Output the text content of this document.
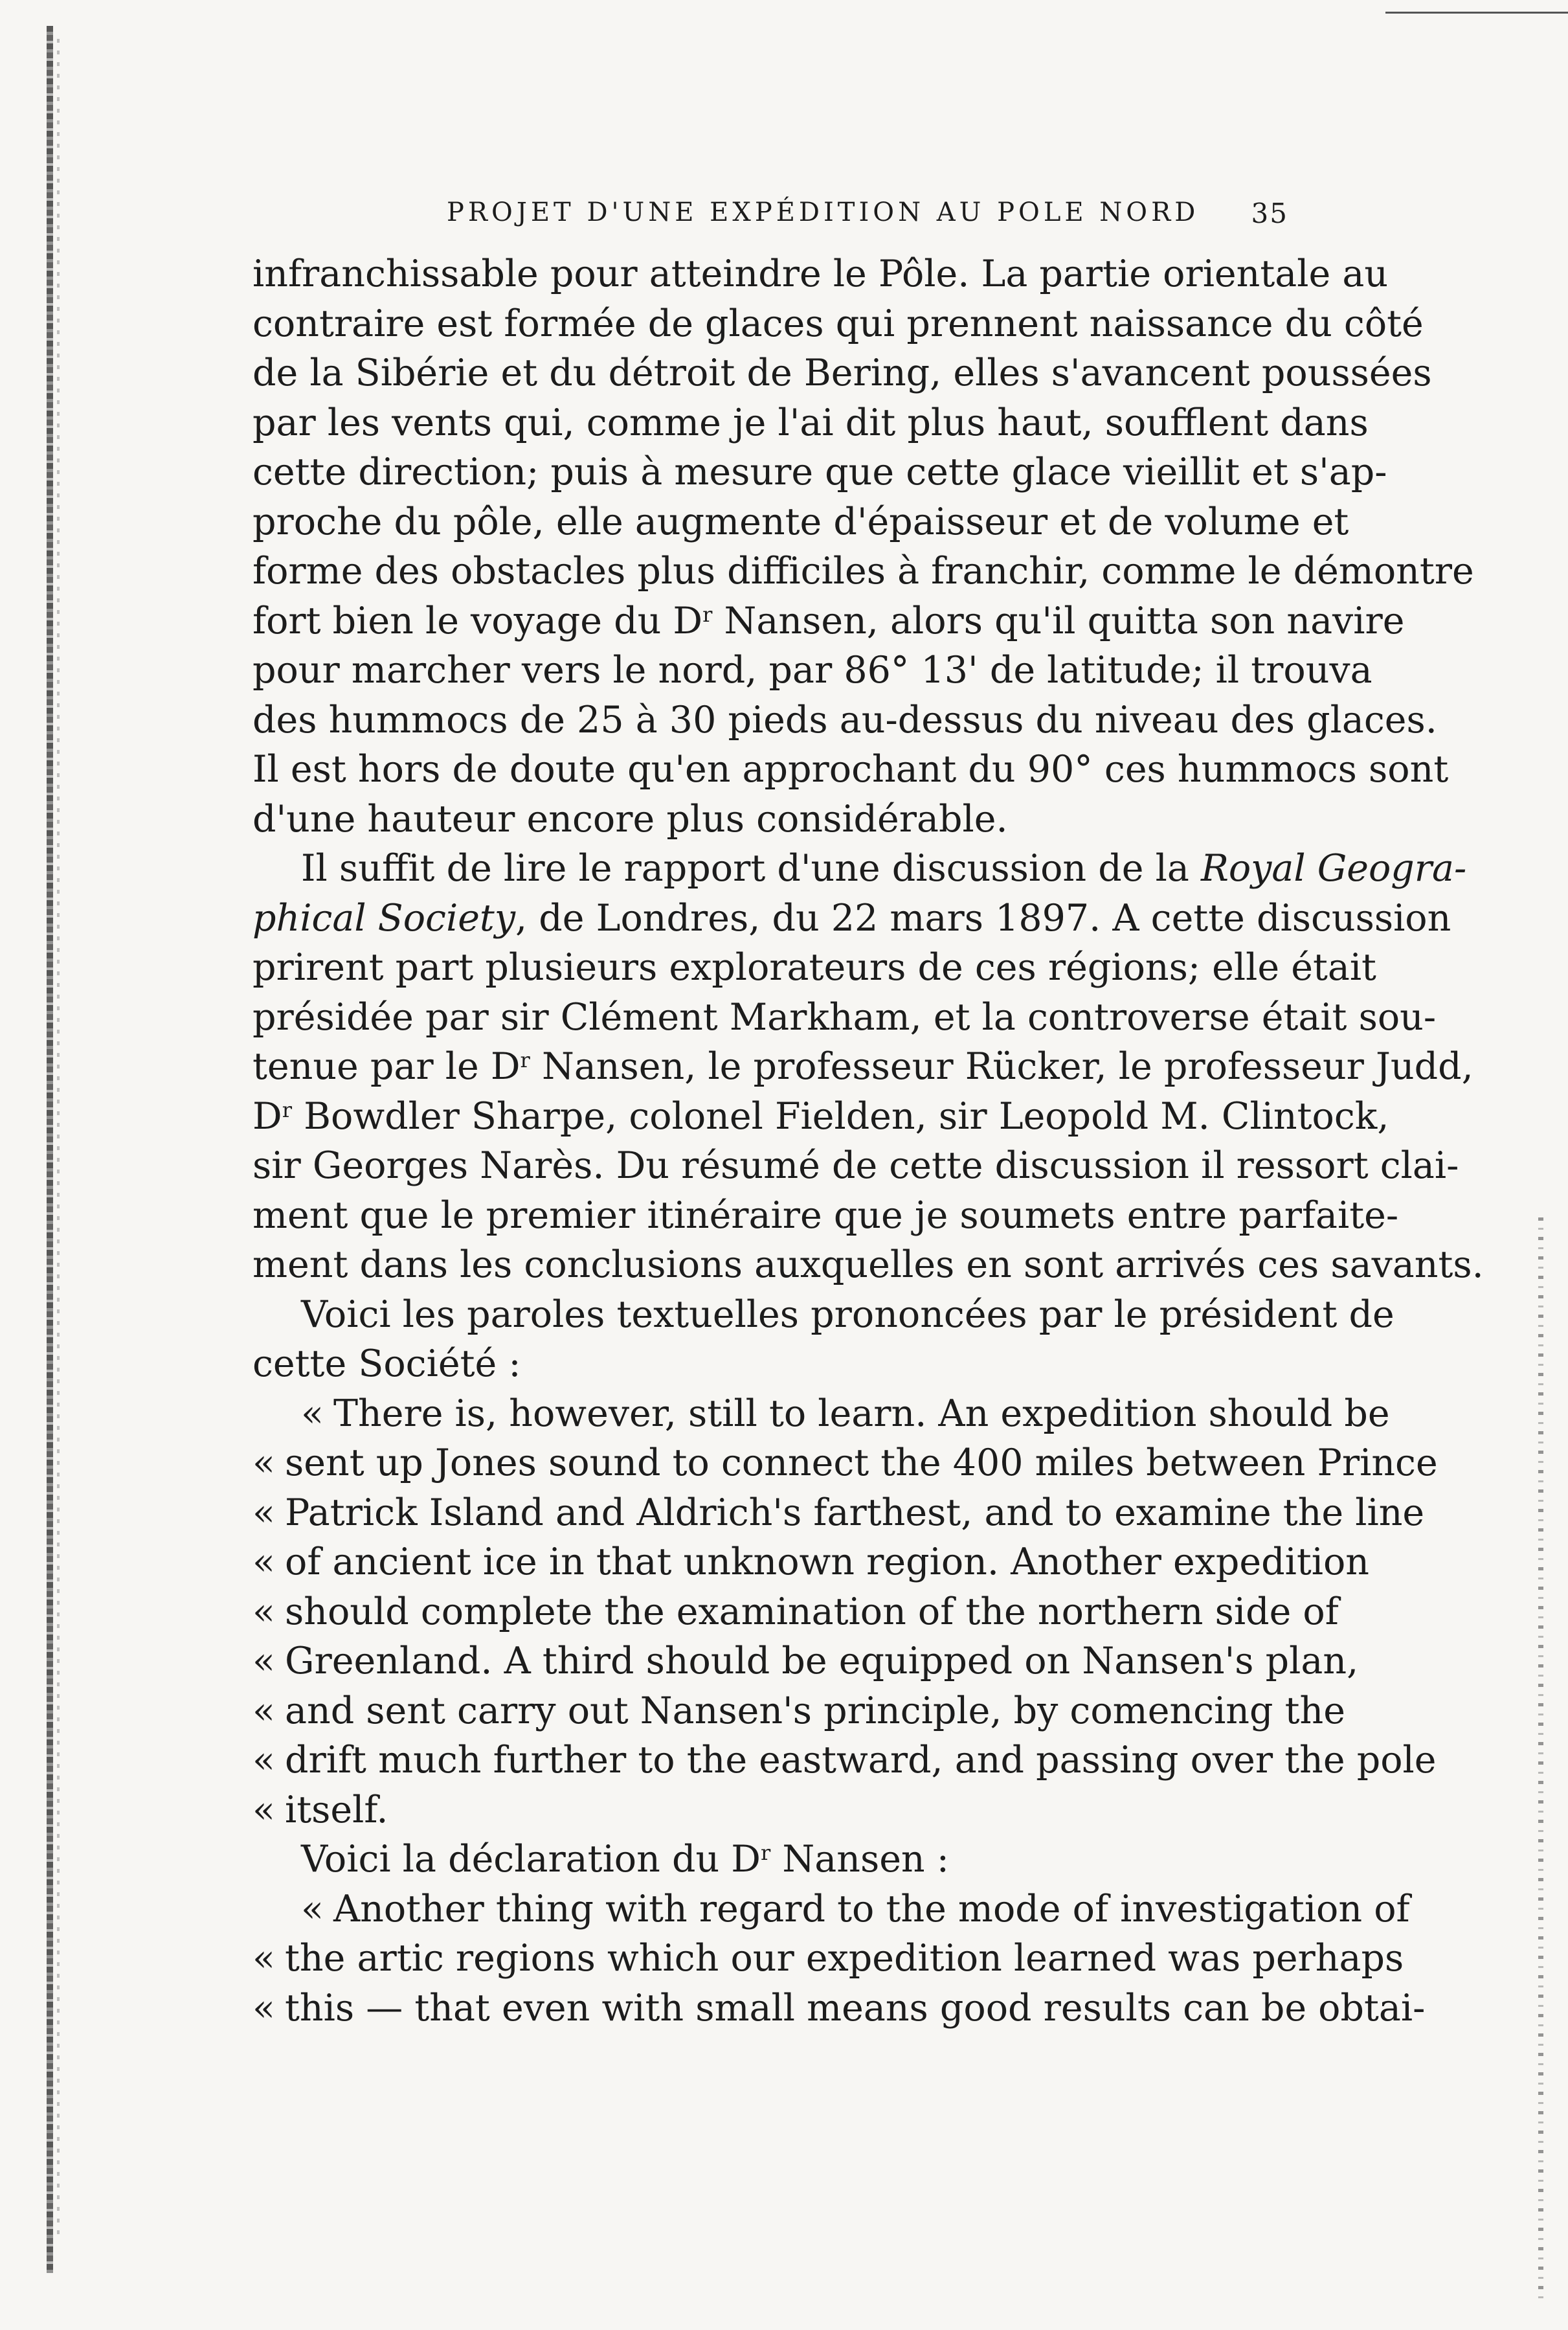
PROJET D'UNE EXPÉDITION AU POLE NORD 35
infranchissable pour atteindre le Pôle. La partie orientale au
contraire est formée de glaces qui prennent naissance du côté
de la Sibérie et du détroit de Bering, elles s'avancent poussées
par les vents qui, comme je l'ai dit plus haut, soufflent dans
cette direction; puis à mesure que cette glace vieillit et s'ap-
proche du pôle, elle augmente d'épaisseur et de volume et
forme des obstacles plus difficiles à franchir, comme le démontre
fort bien le voyage du $D^r$ Nansen, alors qu'il quitta son navire
pour marcher vers le nord, par 86° 13' de latitude; il trouva
des hummocs de 25 à 30 pieds au-dessus du niveau des glaces.
Il est hors de doute qu'en approchant du 90° ces hummocs sont
d'une hauteur encore plus considérable.
Il suffit de lire le rapport d'une discussion de la Royal Geogra-
phical Society, de Londres, du 22 mars 1897. A cette discussion
prirent part plusieurs explorateurs de ces régions; elle était
présidée par sir Clément Markham, et la controverse était sou-
tenue par le $D^r$ Nansen, le professeur Rücker, le professeur Judd,
$D^r$ Bowdler Sharpe, colonel Fielden, sir Leopold M. Clintock,
sir Georges Narès. Du résumé de cette discussion il ressort clai-
ment que le premier itinéraire que je soumets entre parfaite-
ment dans les conclusions auxquelles en sont arrivés ces savants.
Voici les paroles textuelles prononcées par le président de
cette Société :
« There is, however, still to learn. An expedition should be
« sent up Jones sound to connect the 400 miles between Prince
« Patrick Island and Aldrich's farthest, and to examine the line
« of ancient ice in that unknown region. Another expedition
« should complete the examination of the northern side of
« Greenland. A third should be equipped on Nansen's plan,
« and sent carry out Nansen's principle, by comencing the
« drift much further to the eastward, and passing over the pole
« itself.
Voici la déclaration du $D^r$ Nansen :
« Another thing with regard to the mode of investigation of
« the artic regions which our expedition learned was perhaps
« this — that even with small means good results can be obtai-
